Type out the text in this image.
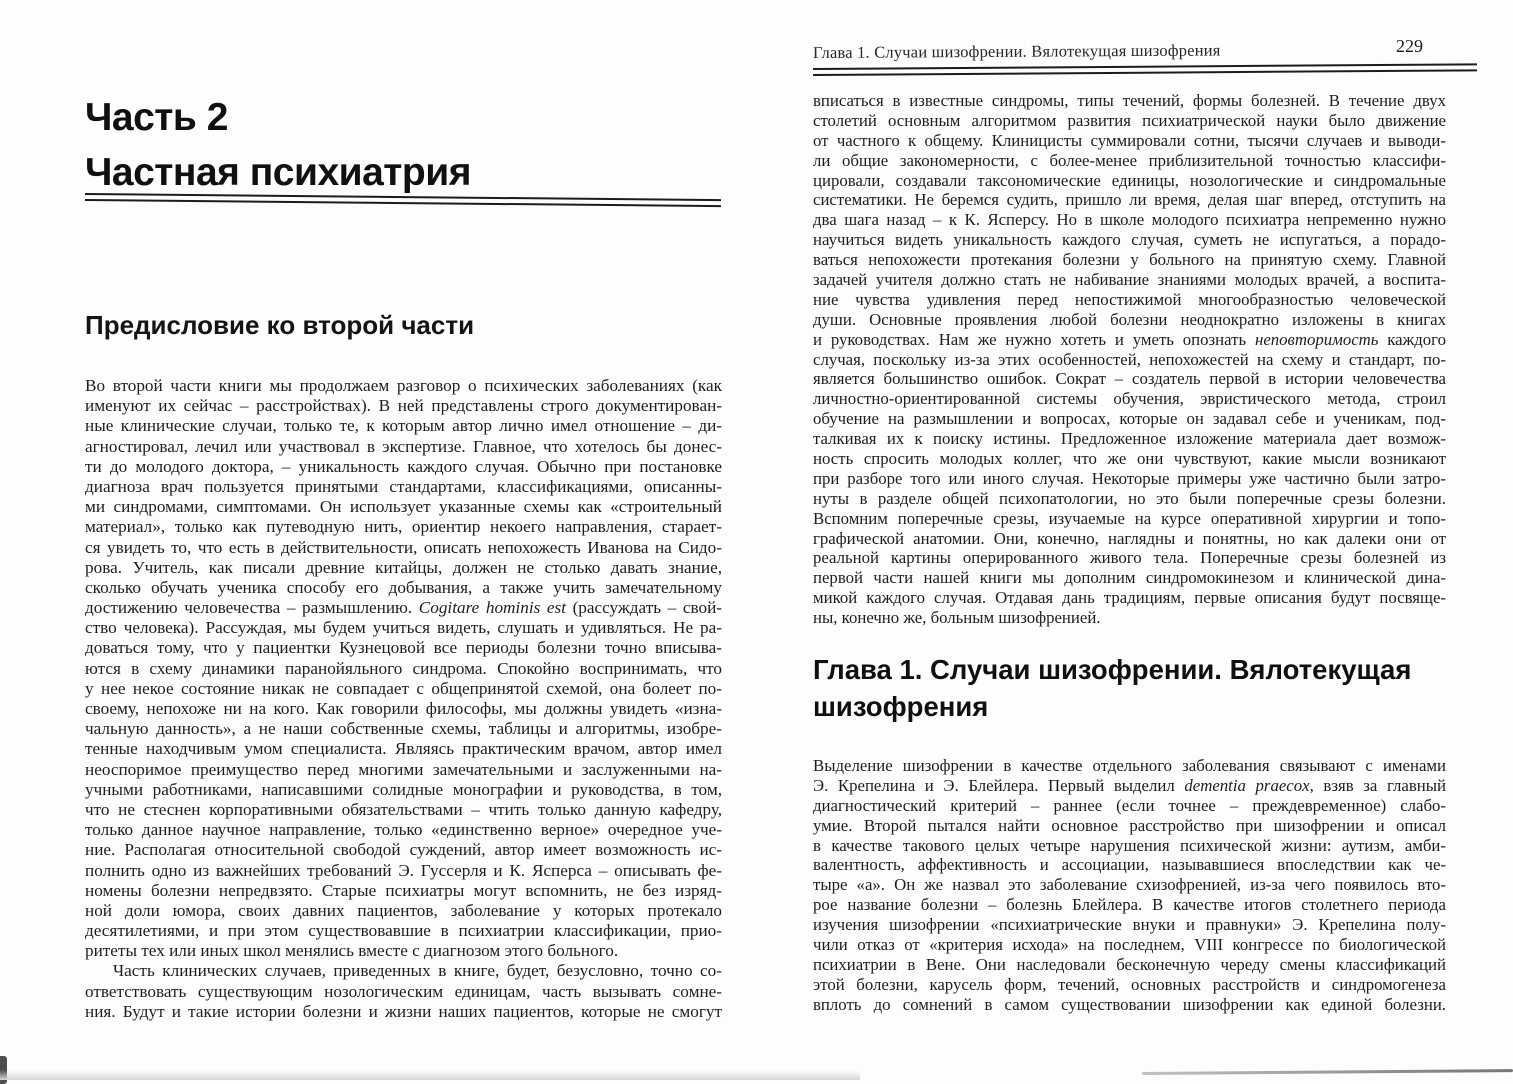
Часть 2
Частная психиатрия
Предисловие ко второй части
Во второй части книги мы продолжаем разговор о психических заболеваниях (как
именуют их сейчас – расстройствах). В ней представлены строго документирован-
ные клинические случаи, только те, к которым автор лично имел отношение – ди-
агностировал, лечил или участвовал в экспертизе. Главное, что хотелось бы донес-
ти до молодого доктора, – уникальность каждого случая. Обычно при постановке
диагноза врач пользуется принятыми стандартами, классификациями, описанны-
ми синдромами, симптомами. Он использует указанные схемы как «строительный
материал», только как путеводную нить, ориентир некоего направления, старает-
ся увидеть то, что есть в действительности, описать непохожесть Иванова на Сидо-
рова. Учитель, как писали древние китайцы, должен не столько давать знание,
сколько обучать ученика способу его добывания, а также учить замечательному
достижению человечества – размышлению. Cogitare hominis est (рассуждать – свой-
ство человека). Рассуждая, мы будем учиться видеть, слушать и удивляться. Не ра-
доваться тому, что у пациентки Кузнецовой все периоды болезни точно вписыва-
ются в схему динамики паранойяльного синдрома. Спокойно воспринимать, что
у нее некое состояние никак не совпадает с общепринятой схемой, она болеет по-
своему, непохоже ни на кого. Как говорили философы, мы должны увидеть «изна-
чальную данность», а не наши собственные схемы, таблицы и алгоритмы, изобре-
тенные находчивым умом специалиста. Являясь практическим врачом, автор имел
неоспоримое преимущество перед многими замечательными и заслуженными на-
учными работниками, написавшими солидные монографии и руководства, в том,
что не стеснен корпоративными обязательствами – чтить только данную кафедру,
только данное научное направление, только «единственно верное» очередное уче-
ние. Располагая относительной свободой суждений, автор имеет возможность ис-
полнить одно из важнейших требований Э. Гуссерля и К. Ясперса – описывать фе-
номены болезни непредвзято. Старые психиатры могут вспомнить, не без изряд-
ной доли юмора, своих давних пациентов, заболевание у которых протекало
десятилетиями, и при этом существовавшие в психиатрии классификации, прио-
ритеты тех или иных школ менялись вместе с диагнозом этого больного.
Часть клинических случаев, приведенных в книге, будет, безусловно, точно со-
ответствовать существующим нозологическим единицам, часть вызывать сомне-
ния. Будут и такие истории болезни и жизни наших пациентов, которые не смогут
Глава 1. Случаи шизофрении. Вялотекущая шизофрения	229
вписаться в известные синдромы, типы течений, формы болезней. В течение двух
столетий основным алгоритмом развития психиатрической науки было движение
от частного к общему. Клиницисты суммировали сотни, тысячи случаев и выводи-
ли общие закономерности, с более-менее приблизительной точностью классифи-
цировали, создавали таксономические единицы, нозологические и синдромальные
систематики. Не беремся судить, пришло ли время, делая шаг вперед, отступить на
два шага назад – к К. Ясперсу. Но в школе молодого психиатра непременно нужно
научиться видеть уникальность каждого случая, суметь не испугаться, а порадо-
ваться непохожести протекания болезни у больного на принятую схему. Главной
задачей учителя должно стать не набивание знаниями молодых врачей, а воспита-
ние чувства удивления перед непостижимой многообразностью человеческой
души. Основные проявления любой болезни неоднократно изложены в книгах
и руководствах. Нам же нужно хотеть и уметь опознать неповторимость каждого
случая, поскольку из-за этих особенностей, непохожестей на схему и стандарт, по-
является большинство ошибок. Сократ – создатель первой в истории человечества
личностно-ориентированной системы обучения, эвристического метода, строил
обучение на размышлении и вопросах, которые он задавал себе и ученикам, под-
талкивая их к поиску истины. Предложенное изложение материала дает возмож-
ность спросить молодых коллег, что же они чувствуют, какие мысли возникают
при разборе того или иного случая. Некоторые примеры уже частично были затро-
нуты в разделе общей психопатологии, но это были поперечные срезы болезни.
Вспомним поперечные срезы, изучаемые на курсе оперативной хирургии и топо-
графической анатомии. Они, конечно, наглядны и понятны, но как далеки они от
реальной картины оперированного живого тела. Поперечные срезы болезней из
первой части нашей книги мы дополним синдромокинезом и клинической дина-
микой каждого случая. Отдавая дань традициям, первые описания будут посвяще-
ны, конечно же, больным шизофренией.
Глава 1. Случаи шизофрении. Вялотекущая шизофрения
Выделение шизофрении в качестве отдельного заболевания связывают с именами
Э. Крепелина и Э. Блейлера. Первый выделил dementia praecox, взяв за главный
диагностический критерий – раннее (если точнее – преждевременное) слабо-
умие. Второй пытался найти основное расстройство при шизофрении и описал
в качестве такового целых четыре нарушения психической жизни: аутизм, амби-
валентность, аффективность и ассоциации, называвшиеся впоследствии как че-
тыре «а». Он же назвал это заболевание схизофренией, из-за чего появилось вто-
рое название болезни – болезнь Блейлера. В качестве итогов столетнего периода
изучения шизофрении «психиатрические внуки и правнуки» Э. Крепелина полу-
чили отказ от «критерия исхода» на последнем, VIII конгрессе по биологической
психиатрии в Вене. Они наследовали бесконечную череду смены классификаций
этой болезни, карусель форм, течений, основных расстройств и синдромогенеза
вплоть до сомнений в самом существовании шизофрении как единой болезни.
